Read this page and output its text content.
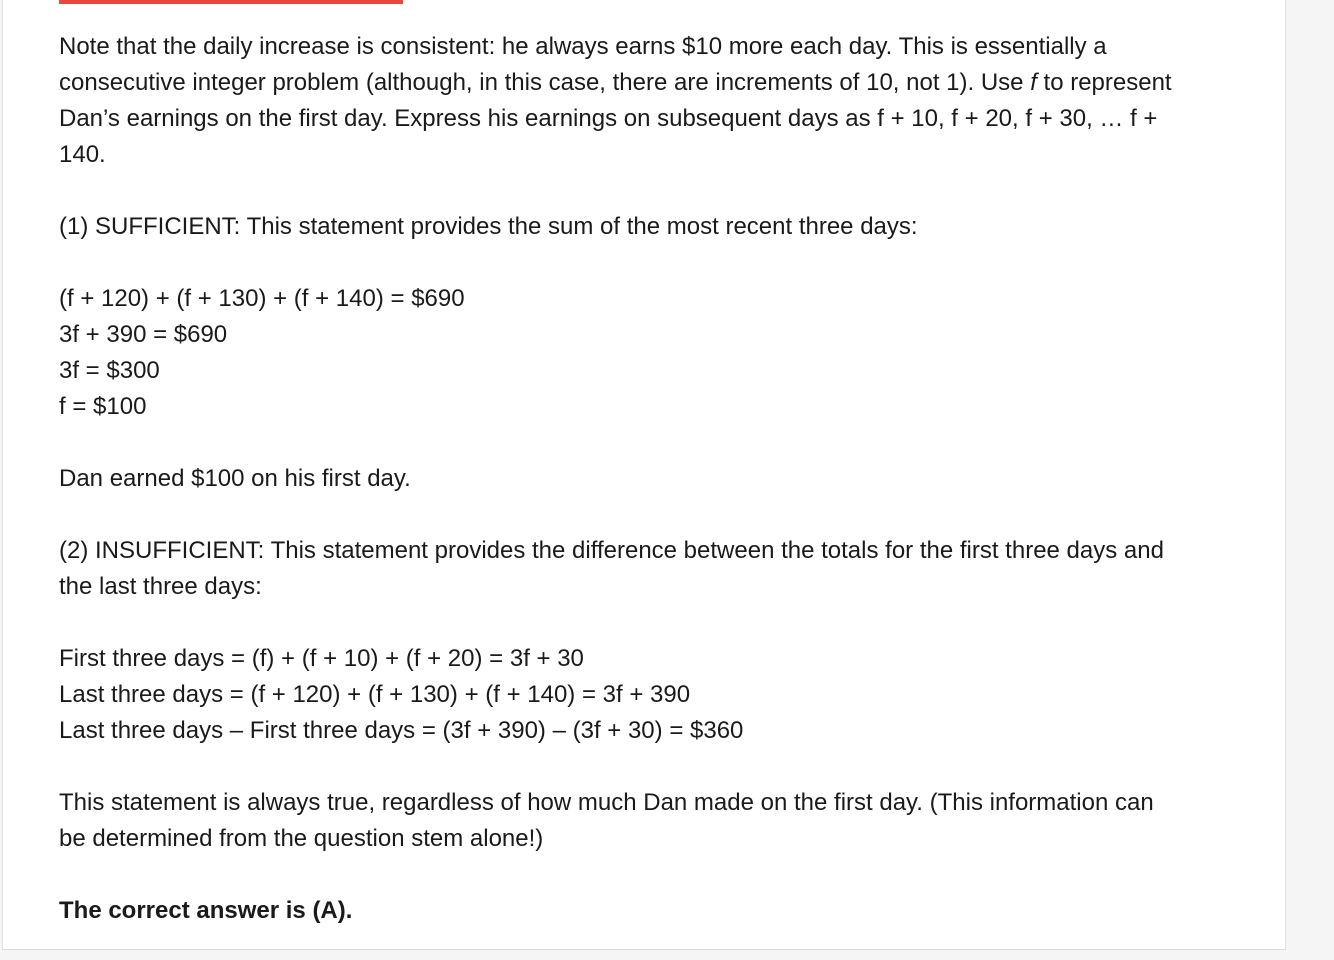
Note that the daily increase is consistent: he always earns $10 more each day. This is essentially a

consecutive integer problem (although, in this case, there are increments of 10, not 1). Use f to represent

Dan’s earnings on the first day. Express his earnings on subsequent days as f + 10, f + 20, f + 30, … f +

140.

(1) SUFFICIENT: This statement provides the sum of the most recent three days:

(f + 120) + (f + 130) + (f + 140) = $690

3f + 390 = $690

3f = $300

f = $100

Dan earned $100 on his first day.

(2) INSUFFICIENT: This statement provides the difference between the totals for the first three days and

the last three days:

First three days = (f) + (f + 10) + (f + 20) = 3f + 30

Last three days = (f + 120) + (f + 130) + (f + 140) = 3f + 390

Last three days – First three days = (3f + 390) – (3f + 30) = $360

This statement is always true, regardless of how much Dan made on the first day. (This information can

be determined from the question stem alone!)

The correct answer is (A).
